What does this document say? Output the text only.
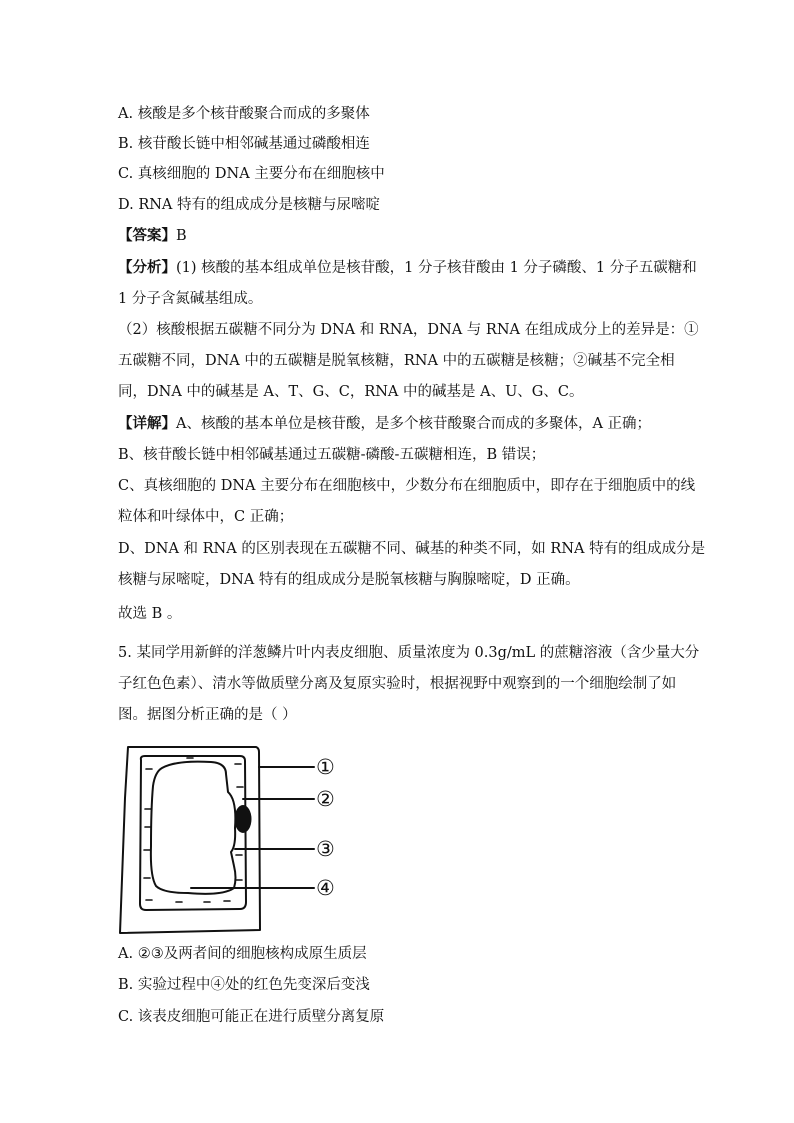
A. 核酸是多个核苷酸聚合而成的多聚体
B. 核苷酸长链中相邻碱基通过磷酸相连
C. 真核细胞的 DNA 主要分布在细胞核中
D. RNA 特有的组成成分是核糖与尿嘧啶
【答案】B
【分析】(1) 核酸的基本组成单位是核苷酸，1 分子核苷酸由 1 分子磷酸、1 分子五碳糖和
1 分子含氮碱基组成。
（2）核酸根据五碳糖不同分为 DNA 和 RNA，DNA 与 RNA 在组成成分上的差异是：①
五碳糖不同，DNA 中的五碳糖是脱氧核糖，RNA 中的五碳糖是核糖；②碱基不完全相
同，DNA 中的碱基是 A、T、G、C，RNA 中的碱基是 A、U、G、C。
【详解】A、核酸的基本单位是核苷酸，是多个核苷酸聚合而成的多聚体，A 正确；
B、核苷酸长链中相邻碱基通过五碳糖-磷酸-五碳糖相连，B 错误；
C、真核细胞的 DNA 主要分布在细胞核中，少数分布在细胞质中，即存在于细胞质中的线
粒体和叶绿体中，C 正确；
D、DNA 和 RNA 的区别表现在五碳糖不同、碱基的种类不同，如 RNA 特有的组成成分是
核糖与尿嘧啶，DNA 特有的组成成分是脱氧核糖与胸腺嘧啶，D 正确。
故选 B 。
5. 某同学用新鲜的洋葱鳞片叶内表皮细胞、质量浓度为 0.3g/mL 的蔗糖溶液（含少量大分
子红色色素）、清水等做质壁分离及复原实验时，根据视野中观察到的一个细胞绘制了如
图。据图分析正确的是（ ）
①
②
③
④
A. ②③及两者间的细胞核构成原生质层
B. 实验过程中④处的红色先变深后变浅
C. 该表皮细胞可能正在进行质壁分离复原
